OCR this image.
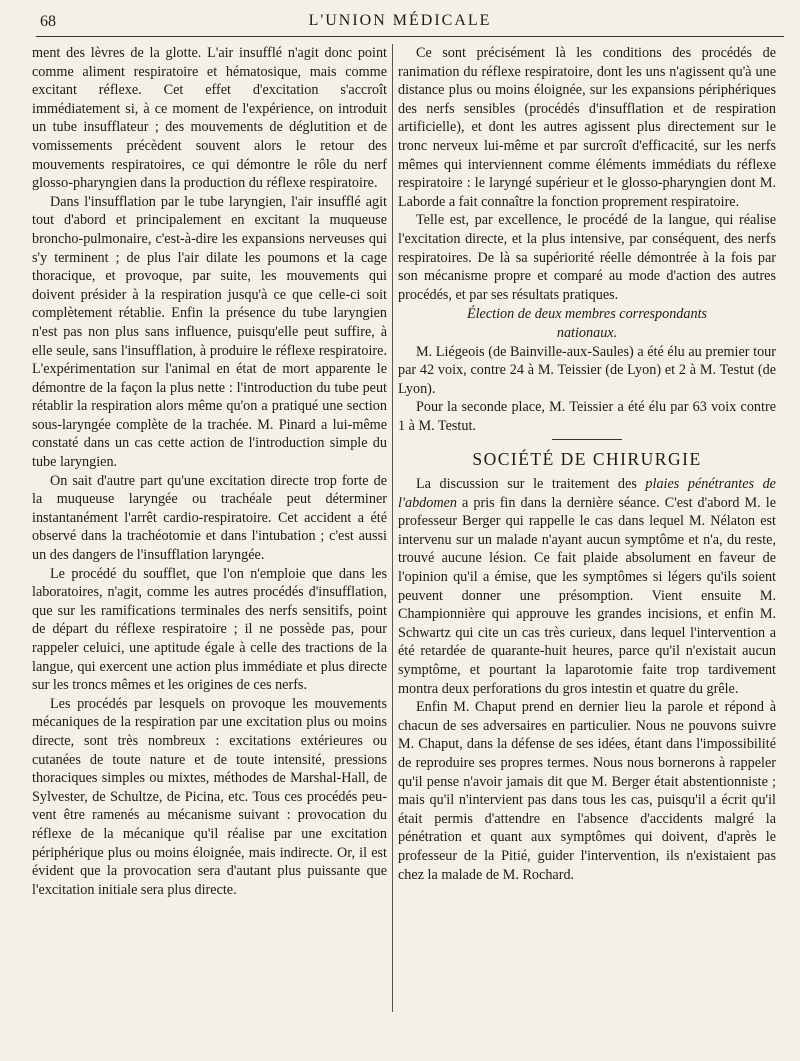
68	L'UNION MÉDICALE

ment des lèvres de la glotte. L'air insufflé n'agit donc point comme aliment respiratoire et hématosique, mais comme excitant réflexe. Cet effet d'excitation s'accroît immédiatement si, à ce moment de l'expérience, on introduit un tube insufflateur ; des mouvements de déglutition et de vomissements précèdent souvent alors le retour des mouvements respiratoires, ce qui démontre le rôle du nerf glosso-pharyngien dans la production du réflexe respiratoire.

Dans l'insufflation par le tube laryngien, l'air insufflé agit tout d'abord et principalement en excitant la muqueuse broncho-pulmonaire, c'est-à-dire les expansions nerveuses qui s'y terminent ; de plus l'air dilate les poumons et la cage thoracique, et provoque, par suite, les mouvements qui doivent présider à la respiration jusqu'à ce que celle-ci soit complètement rétablie. Enfin la présence du tube laryngien n'est pas non plus sans influence, puisqu'elle peut suffire, à elle seule, sans l'insufflation, à produire le réflexe respiratoire. L'expérimentation sur l'animal en état de mort apparente le démontre de la façon la plus nette : l'introduction du tube peut rétablir la respiration alors même qu'on a pratiqué une section sous-laryngée complète de la trachée. M. Pinard a lui-même constaté dans un cas cette action de l'introduction simple du tube laryngien.

On sait d'autre part qu'une excitation directe trop forte de la muqueuse laryngée ou trachéale peut déterminer instantanément l'arrêt cardio-respiratoire. Cet accident a été observé dans la trachéotomie et dans l'intubation ; c'est aussi un des dangers de l'insufflation laryngée.

Le procédé du soufflet, que l'on n'emploie que dans les laboratoires, n'agit, comme les autres procédés d'insufflation, que sur les ramifications terminales des nerfs sensitifs, point de départ du réflexe respiratoire ; il ne possède pas, pour rappeler celuici, une aptitude égale à celle des tractions de la langue, qui exercent une action plus immédiate et plus directe sur les troncs mêmes et les origines de ces nerfs.

Les procédés par lesquels on provoque les mouvements mécaniques de la respiration par une excitation plus ou moins directe, sont très nombreux : excitations extérieures ou cutanées de toute nature et de toute intensité, pressions thoraciques simples ou mixtes, méthodes de Marshal-Hall, de Sylvester, de Schultze, de Picina, etc. Tous ces procédés peuvent être ramenés au mécanisme suivant : provocation du réflexe de la mécanique qu'il réalise par une excitation périphérique plus ou moins éloignée, mais indirecte. Or, il est évident que la provocation sera d'autant plus puissante que l'excitation initiale sera plus directe.

Ce sont précisément là les conditions des procédés de ranimation du réflexe respiratoire, dont les uns n'agissent qu'à une distance plus ou moins éloignée, sur les expansions périphériques des nerfs sensibles (procédés d'insufflation et de respiration artificielle), et dont les autres agissent plus directement sur le tronc nerveux lui-même et par surcroît d'efficacité, sur les nerfs mêmes qui interviennent comme éléments immédiats du réflexe respiratoire : le laryngé supérieur et le glosso-pharyngien dont M. Laborde a fait connaître la fonction proprement respiratoire.

Telle est, par excellence, le procédé de la langue, qui réalise l'excitation directe, et la plus intensive, par conséquent, des nerfs respiratoires. De là sa supériorité réelle démontrée à la fois par son mécanisme propre et comparé au mode d'action des autres procédés, et par ses résultats pratiques.

Élection de deux membres correspondants
nationaux.

M. Liégeois (de Bainville-aux-Saules) a été élu au premier tour par 42 voix, contre 24 à M. Teissier (de Lyon) et 2 à M. Testut (de Lyon).

Pour la seconde place, M. Teissier a été élu par 63 voix contre 1 à M. Testut.

SOCIÉTÉ DE CHIRURGIE

La discussion sur le traitement des plaies pénétrantes de l'abdomen a pris fin dans la dernière séance. C'est d'abord M. le professeur Berger qui rappelle le cas dans lequel M. Nélaton est intervenu sur un malade n'ayant aucun symptôme et n'a, du reste, trouvé aucune lésion. Ce fait plaide absolument en faveur de l'opinion qu'il a émise, que les symptômes si légers qu'ils soient peuvent donner une présomption. Vient ensuite M. Championnière qui approuve les grandes incisions, et enfin M. Schwartz qui cite un cas très curieux, dans lequel l'intervention a été retardée de quarante-huit heures, parce qu'il n'existait aucun symptôme, et pourtant la laparotomie faite trop tardivement montra deux perforations du gros intestin et quatre du grêle.

Enfin M. Chaput prend en dernier lieu la parole et répond à chacun de ses adversaires en particulier. Nous ne pouvons suivre M. Chaput, dans la défense de ses idées, étant dans l'impossibilité de reproduire ses propres termes. Nous nous bornerons à rappeler qu'il pense n'avoir jamais dit que M. Berger était abstentionniste ; mais qu'il n'intervient pas dans tous les cas, puisqu'il a écrit qu'il était permis d'attendre en l'absence d'accidents malgré la pénétration et quant aux symptômes qui doivent, d'après le professeur de la Pitié, guider l'intervention, ils n'existaient pas chez la malade de M. Rochard.
